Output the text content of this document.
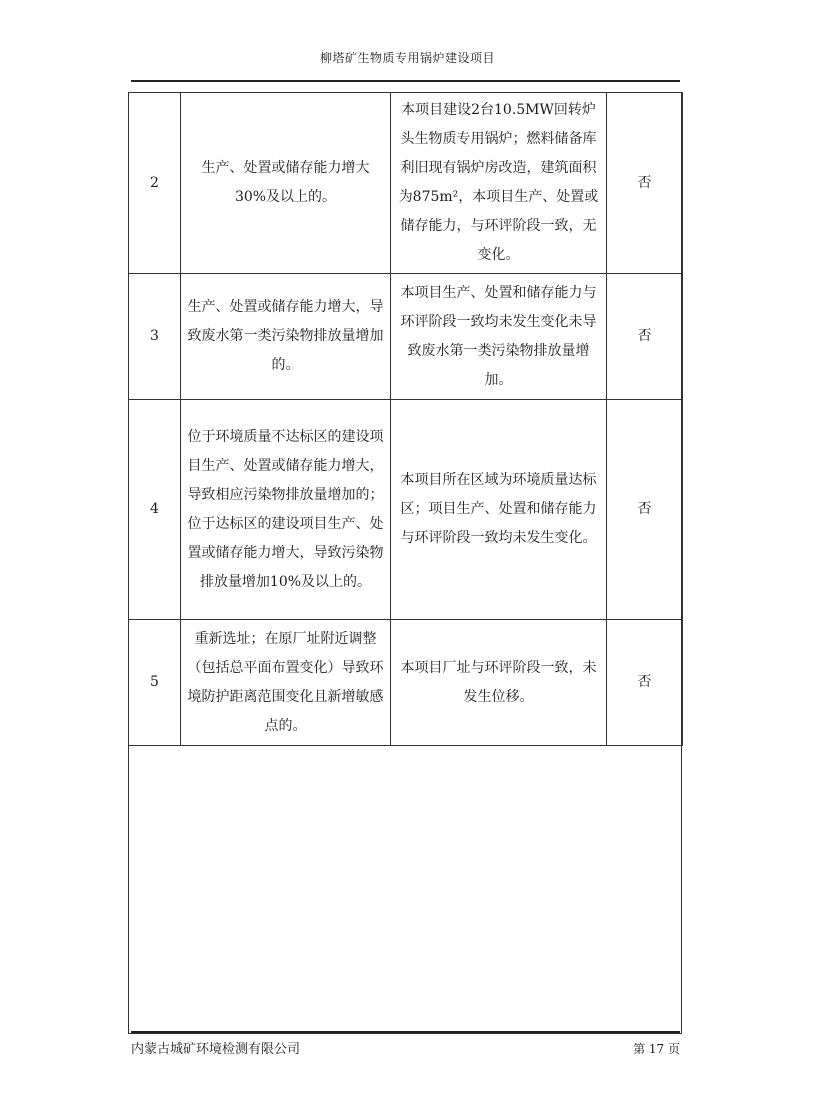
柳塔矿生物质专用锅炉建设项目
2	生产、处置或储存能力增大30%及以上的。	本项目建设2台10.5MW回转炉头生物质专用锅炉；燃料储备库利旧现有锅炉房改造，建筑面积为875m²，本项目生产、处置或储存能力，与环评阶段一致，无变化。	否
3	生产、处置或储存能力增大，导致废水第一类污染物排放量增加的。	本项目生产、处置和储存能力与环评阶段一致均未发生变化未导致废水第一类污染物排放量增加。	否
4	位于环境质量不达标区的建设项目生产、处置或储存能力增大，导致相应污染物排放量增加的；位于达标区的建设项目生产、处置或储存能力增大，导致污染物排放量增加10%及以上的。	本项目所在区域为环境质量达标区；项目生产、处置和储存能力与环评阶段一致均未发生变化。	否
5	重新选址；在原厂址附近调整（包括总平面布置变化）导致环境防护距离范围变化且新增敏感点的。	本项目厂址与环评阶段一致，未发生位移。	否
内蒙古城矿环境检测有限公司	第 17 页
